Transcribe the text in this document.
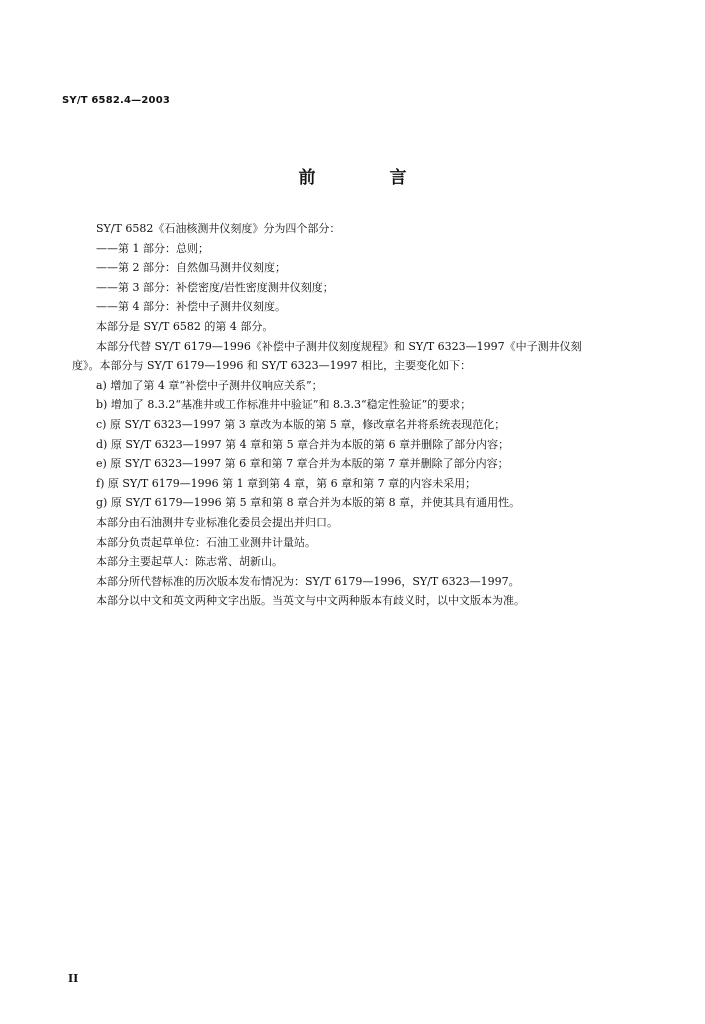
SY/T 6582.4—2003
前 言
SY/T 6582《石油核测井仪刻度》分为四个部分：
——第 1 部分：总则；
——第 2 部分：自然伽马测井仪刻度；
——第 3 部分：补偿密度/岩性密度测井仪刻度；
——第 4 部分：补偿中子测井仪刻度。
本部分是 SY/T 6582 的第 4 部分。
本部分代替 SY/T 6179—1996《补偿中子测井仪刻度规程》和 SY/T 6323—1997《中子测井仪刻
度》。本部分与 SY/T 6179—1996 和 SY/T 6323—1997 相比，主要变化如下：
a) 增加了第 4 章“补偿中子测井仪响应关系”；
b) 增加了 8.3.2“基准井或工作标准井中验证”和 8.3.3“稳定性验证”的要求；
c) 原 SY/T 6323—1997 第 3 章改为本版的第 5 章，修改章名并将系统表现范化；
d) 原 SY/T 6323—1997 第 4 章和第 5 章合并为本版的第 6 章并删除了部分内容；
e) 原 SY/T 6323—1997 第 6 章和第 7 章合并为本版的第 7 章并删除了部分内容；
f) 原 SY/T 6179—1996 第 1 章到第 4 章，第 6 章和第 7 章的内容未采用；
g) 原 SY/T 6179—1996 第 5 章和第 8 章合并为本版的第 8 章，并使其具有通用性。
本部分由石油测井专业标准化委员会提出并归口。
本部分负责起草单位：石油工业测井计量站。
本部分主要起草人：陈志常、胡新山。
本部分所代替标准的历次版本发布情况为：SY/T 6179—1996，SY/T 6323—1997。
本部分以中文和英文两种文字出版。当英文与中文两种版本有歧义时，以中文版本为准。
II
